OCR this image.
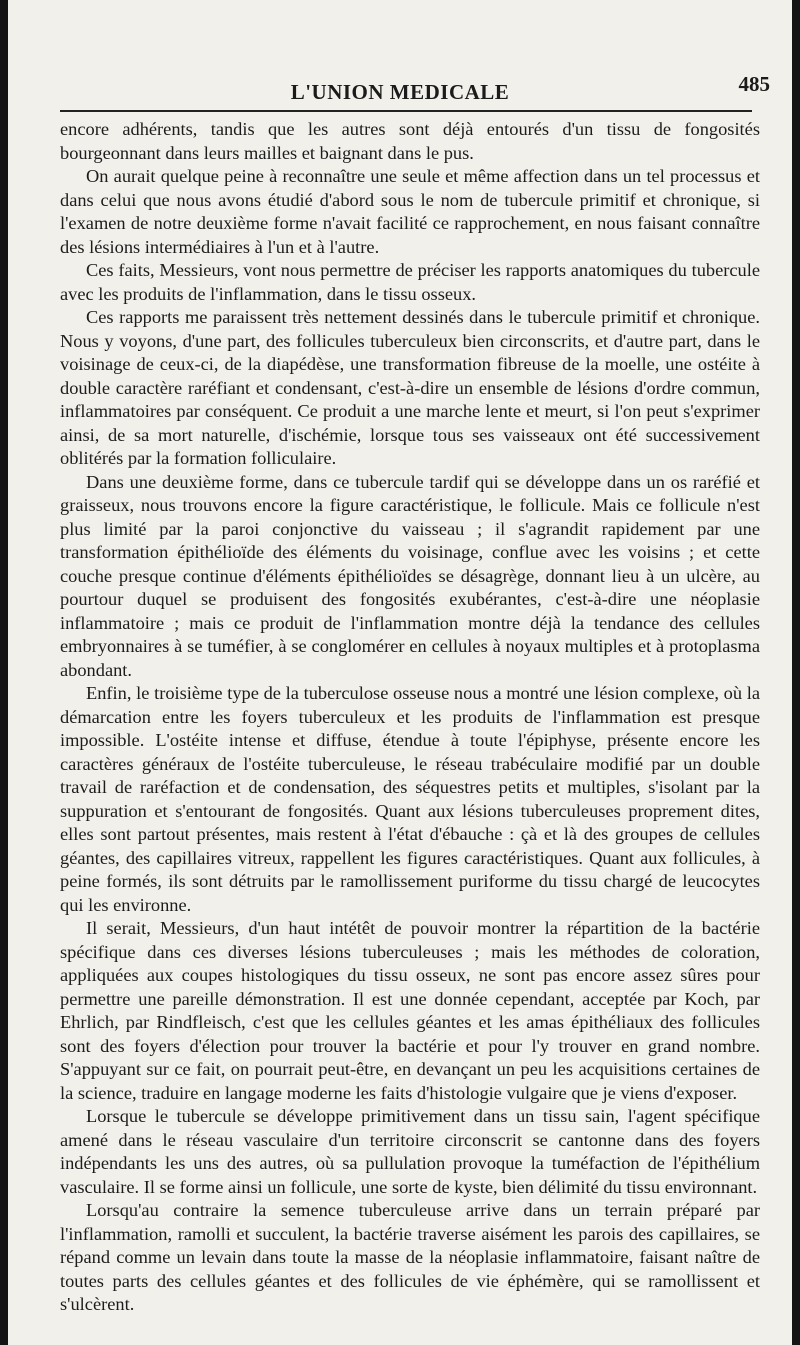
L'UNION MEDICALE	485

encore adhérents, tandis que les autres sont déjà entourés d'un tissu de fongosités bourgeonnant dans leurs mailles et baignant dans le pus.

On aurait quelque peine à reconnaître une seule et même affection dans un tel processus et dans celui que nous avons étudié d'abord sous le nom de tubercule primitif et chronique, si l'examen de notre deuxième forme n'avait facilité ce rapprochement, en nous faisant connaître des lésions intermédiaires à l'un et à l'autre.

Ces faits, Messieurs, vont nous permettre de préciser les rapports anatomiques du tubercule avec les produits de l'inflammation, dans le tissu osseux.

Ces rapports me paraissent très nettement dessinés dans le tubercule primitif et chronique. Nous y voyons, d'une part, des follicules tuberculeux bien circonscrits, et d'autre part, dans le voisinage de ceux-ci, de la diapédèse, une transformation fibreuse de la moelle, une ostéite à double caractère raréfiant et condensant, c'est-à-dire un ensemble de lésions d'ordre commun, inflammatoires par conséquent. Ce produit a une marche lente et meurt, si l'on peut s'exprimer ainsi, de sa mort naturelle, d'ischémie, lorsque tous ses vaisseaux ont été successivement oblitérés par la formation folliculaire.

Dans une deuxième forme, dans ce tubercule tardif qui se développe dans un os raréfié et graisseux, nous trouvons encore la figure caractéristique, le follicule. Mais ce follicule n'est plus limité par la paroi conjonctive du vaisseau ; il s'agrandit rapidement par une transformation épithélioïde des éléments du voisinage, conflue avec les voisins ; et cette couche presque continue d'éléments épithélioïdes se désagrège, donnant lieu à un ulcère, au pourtour duquel se produisent des fongosités exubérantes, c'est-à-dire une néoplasie inflammatoire ; mais ce produit de l'inflammation montre déjà la tendance des cellules embryonnaires à se tuméfier, à se conglomérer en cellules à noyaux multiples et à protoplasma abondant.

Enfin, le troisième type de la tuberculose osseuse nous a montré une lésion complexe, où la démarcation entre les foyers tuberculeux et les produits de l'inflammation est presque impossible. L'ostéite intense et diffuse, étendue à toute l'épiphyse, présente encore les caractères généraux de l'ostéite tuberculeuse, le réseau trabéculaire modifié par un double travail de raréfaction et de condensation, des séquestres petits et multiples, s'isolant par la suppuration et s'entourant de fongosités. Quant aux lésions tuberculeuses proprement dites, elles sont partout présentes, mais restent à l'état d'ébauche : çà et là des groupes de cellules géantes, des capillaires vitreux, rappellent les figures caractéristiques. Quant aux follicules, à peine formés, ils sont détruits par le ramollissement puriforme du tissu chargé de leucocytes qui les environne.

Il serait, Messieurs, d'un haut intétêt de pouvoir montrer la répartition de la bactérie spécifique dans ces diverses lésions tuberculeuses ; mais les méthodes de coloration, appliquées aux coupes histologiques du tissu osseux, ne sont pas encore assez sûres pour permettre une pareille démonstration. Il est une donnée cependant, acceptée par Koch, par Ehrlich, par Rindfleisch, c'est que les cellules géantes et les amas épithéliaux des follicules sont des foyers d'élection pour trouver la bactérie et pour l'y trouver en grand nombre. S'appuyant sur ce fait, on pourrait peut-être, en devançant un peu les acquisitions certaines de la science, traduire en langage moderne les faits d'histologie vulgaire que je viens d'exposer.

Lorsque le tubercule se développe primitivement dans un tissu sain, l'agent spécifique amené dans le réseau vasculaire d'un territoire circonscrit se cantonne dans des foyers indépendants les uns des autres, où sa pullulation provoque la tuméfaction de l'épithélium vasculaire. Il se forme ainsi un follicule, une sorte de kyste, bien délimité du tissu environnant.

Lorsqu'au contraire la semence tuberculeuse arrive dans un terrain préparé par l'inflammation, ramolli et succulent, la bactérie traverse aisément les parois des capillaires, se répand comme un levain dans toute la masse de la néoplasie inflammatoire, faisant naître de toutes parts des cellules géantes et des follicules de vie éphémère, qui se ramollissent et s'ulcèrent.
